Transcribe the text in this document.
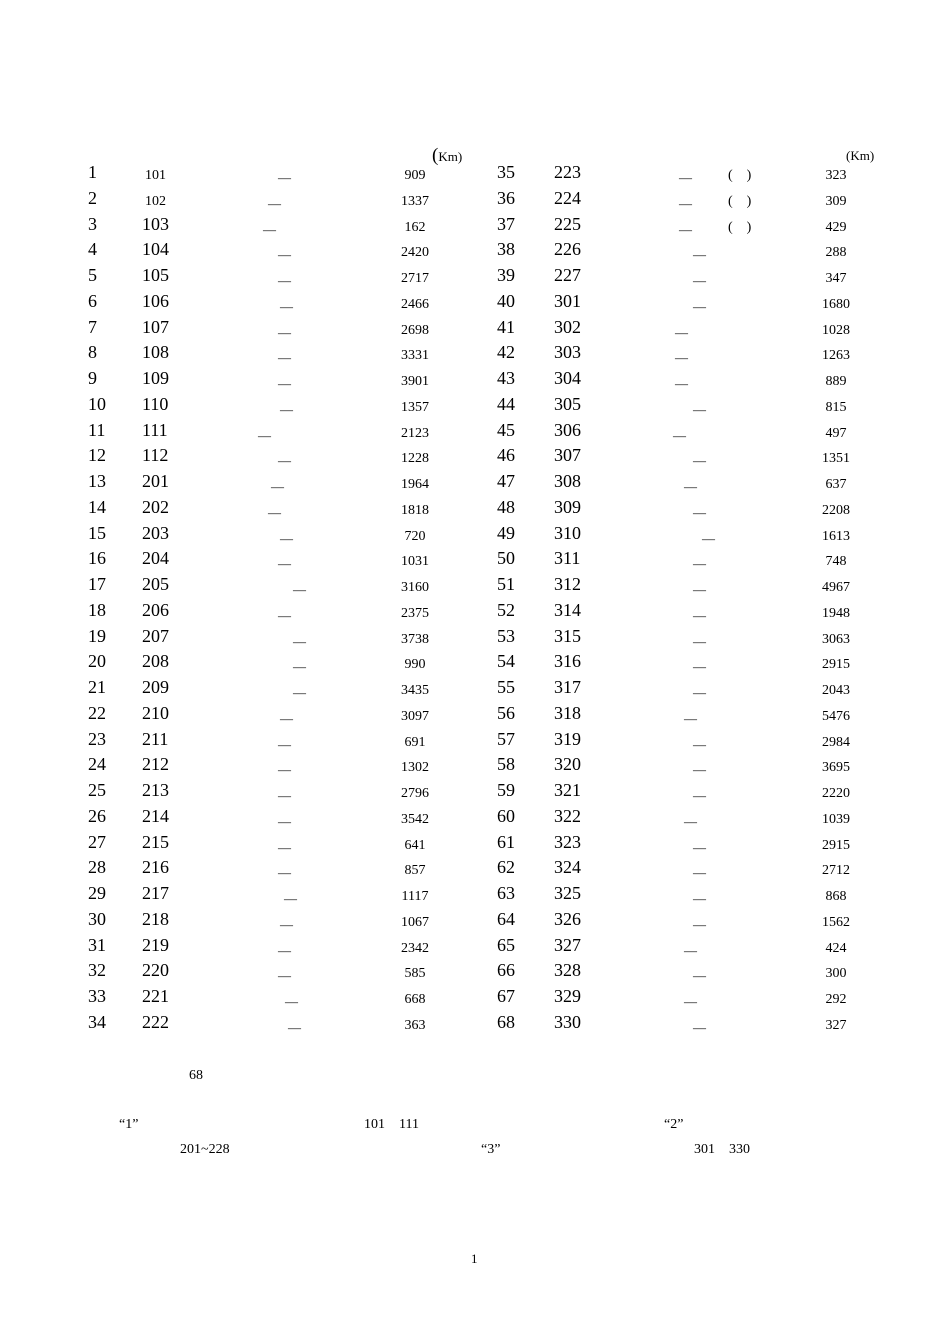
(Km)	(Km)
1	101	—	909
2	102	—	1337
3	103	—	162
4	104	—	2420
5	105	—	2717
6	106	—	2466
7	107	—	2698
8	108	—	3331
9	109	—	3901
10 110	—	1357
11 111	—	2123
12 112	—	1228
13 201	—	1964
14 202	—	1818
15 203	—	720
16 204	—	1031
17 205	—	3160
18 206	—	2375
19 207	—	3738
20 208	—	990
21 209	—	3435
22 210	—	3097
23 211	—	691
24 212	—	1302
25 213	—	2796
26 214	—	3542
27 215	—	641
28 216	—	857
29 217	—	1117
30 218	—	1067
31 219	—	2342
32 220	—	585
33 221	—	668
34 222	—	363
35 223	—	(    )	323
36 224	—	(    )	309
37 225	—	(    )	429
38 226	—	288
39 227	—	347
40 301	—	1680
41 302	—	1028
42 303	—	1263
43 304	—	889
44 305	—	815
45 306	—	497
46 307	—	1351
47 308	—	637
48 309	—	2208
49 310	—	1613
50 311	—	748
51 312	—	4967
52 314	—	1948
53 315	—	3063
54 316	—	2915
55 317	—	2043
56 318	—	5476
57 319	—	2984
58 320	—	3695
59 321	—	2220
60 322	—	1039
61 323	—	2915
62 324	—	2712
63 325	—	868
64 326	—	1562
65 327	—	424
66 328	—	300
67 329	—	292
68 330	—	327
68
“1”	101    111	“2”
201~228	“3”	301    330
1
